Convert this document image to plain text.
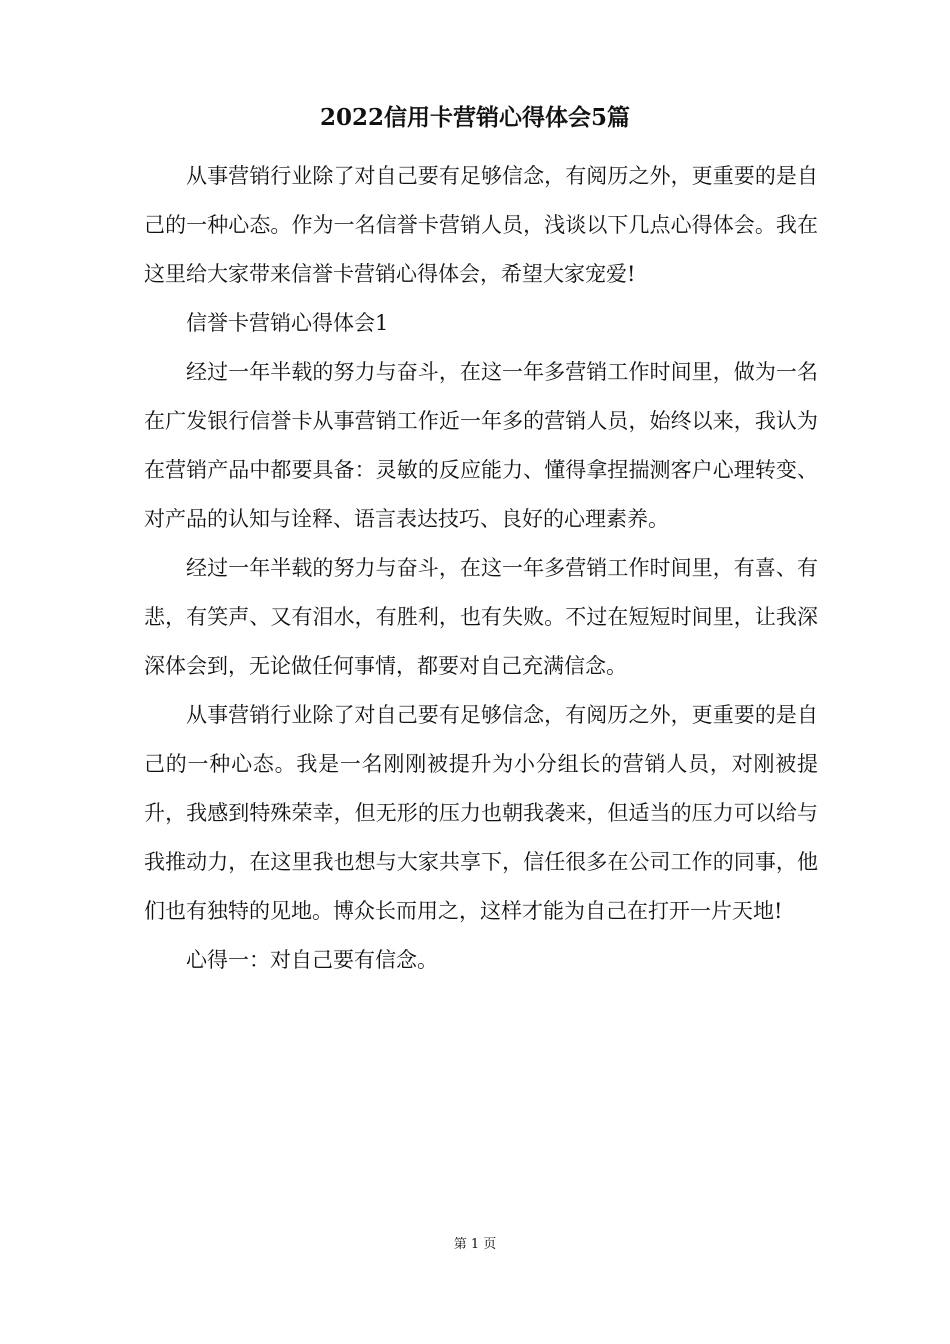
2022信用卡营销心得体会5篇

从事营销行业除了对自己要有足够信念，有阅历之外，更重要的是自己的一种心态。作为一名信誉卡营销人员，浅谈以下几点心得体会。我在这里给大家带来信誉卡营销心得体会，希望大家宠爱!

信誉卡营销心得体会1

经过一年半载的努力与奋斗，在这一年多营销工作时间里，做为一名在广发银行信誉卡从事营销工作近一年多的营销人员，始终以来，我认为在营销产品中都要具备：灵敏的反应能力、懂得拿捏揣测客户心理转变、对产品的认知与诠释、语言表达技巧、良好的心理素养。

经过一年半载的努力与奋斗，在这一年多营销工作时间里，有喜、有悲，有笑声、又有泪水，有胜利，也有失败。不过在短短时间里，让我深深体会到，无论做任何事情，都要对自己充满信念。

从事营销行业除了对自己要有足够信念，有阅历之外，更重要的是自己的一种心态。我是一名刚刚被提升为小分组长的营销人员，对刚被提升，我感到特殊荣幸，但无形的压力也朝我袭来，但适当的压力可以给与我推动力，在这里我也想与大家共享下，信任很多在公司工作的同事，他们也有独特的见地。博众长而用之，这样才能为自己在打开一片天地!

心得一：对自己要有信念。

第 1 页
